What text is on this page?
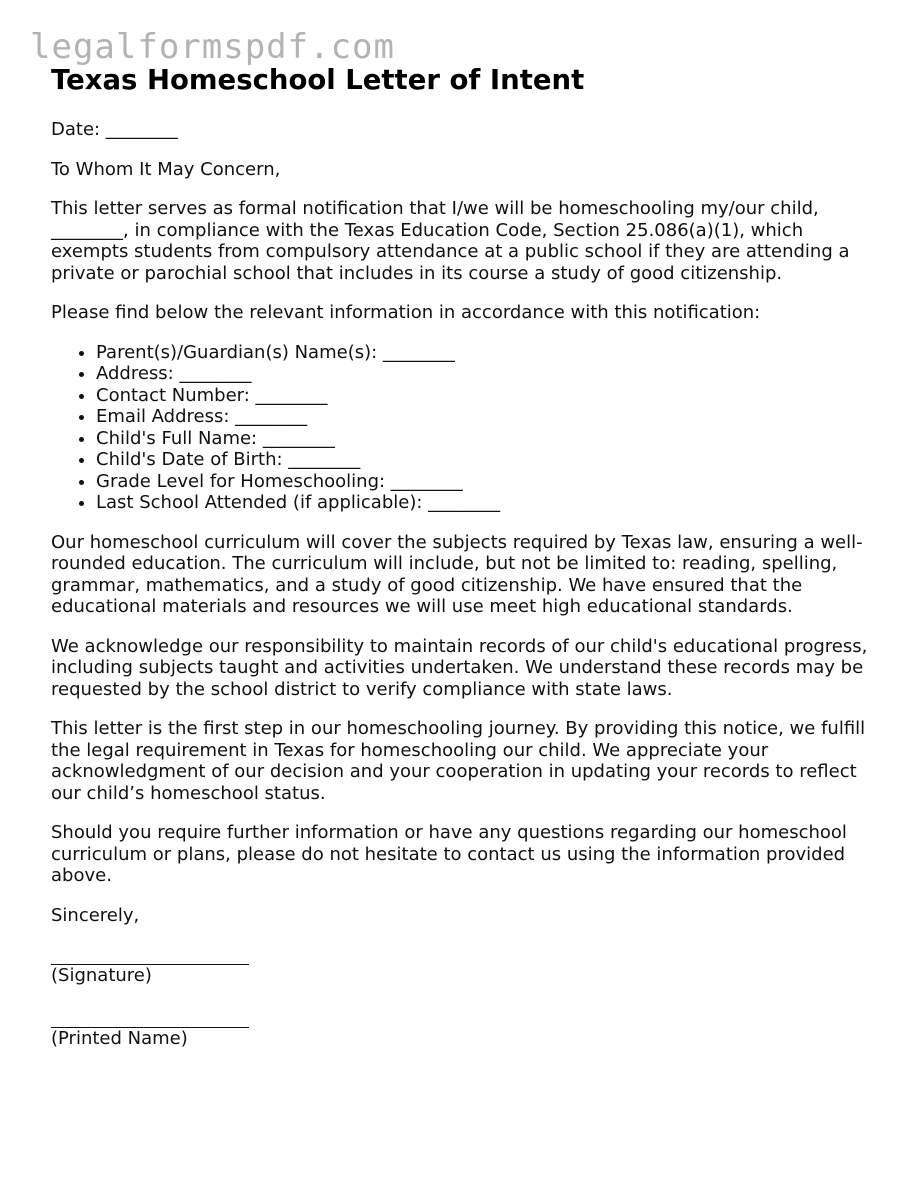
legalformspdf.com
Texas Homeschool Letter of Intent

Date: ________

To Whom It May Concern,

This letter serves as formal notification that I/we will be homeschooling my/our child, ________, in compliance with the Texas Education Code, Section 25.086(a)(1), which exempts students from compulsory attendance at a public school if they are attending a private or parochial school that includes in its course a study of good citizenship.

Please find below the relevant information in accordance with this notification:

• Parent(s)/Guardian(s) Name(s): ________
• Address: ________
• Contact Number: ________
• Email Address: ________
• Child's Full Name: ________
• Child's Date of Birth: ________
• Grade Level for Homeschooling: ________
• Last School Attended (if applicable): ________

Our homeschool curriculum will cover the subjects required by Texas law, ensuring a well-rounded education. The curriculum will include, but not be limited to: reading, spelling, grammar, mathematics, and a study of good citizenship. We have ensured that the educational materials and resources we will use meet high educational standards.

We acknowledge our responsibility to maintain records of our child's educational progress, including subjects taught and activities undertaken. We understand these records may be requested by the school district to verify compliance with state laws.

This letter is the first step in our homeschooling journey. By providing this notice, we fulfill the legal requirement in Texas for homeschooling our child. We appreciate your acknowledgment of our decision and your cooperation in updating your records to reflect our child’s homeschool status.

Should you require further information or have any questions regarding our homeschool curriculum or plans, please do not hesitate to contact us using the information provided above.

Sincerely,

(Signature)

(Printed Name)
